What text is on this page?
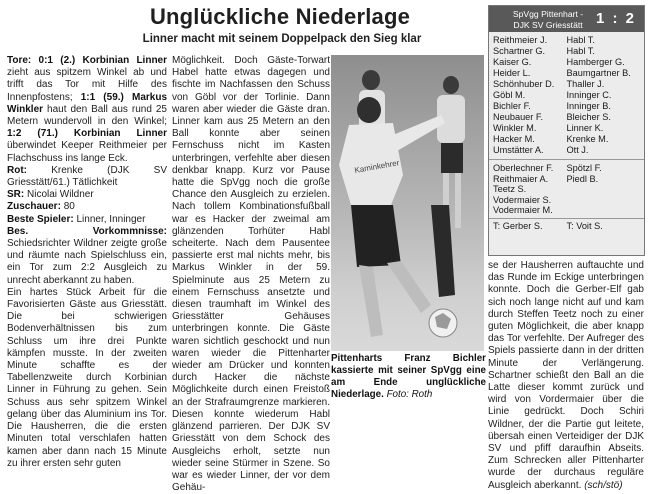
Unglückliche Niederlage
Linner macht mit seinem Doppelpack den Sieg klar

Tore: 0:1 (2.) Korbinian Linner zieht aus spitzem Winkel ab und trifft das Tor mit Hilfe des Innenpfostens; 1:1 (59.) Markus Winkler haut den Ball aus rund 25 Metern wundervoll in den Winkel; 1:2 (71.) Korbinian Linner überwindet Keeper Reithmeier per Flachschuss ins lange Eck.

Rot: Krenke (DJK SV Griesstätt/61.) Tätlichkeit

SR: Nicolai Wildner

Zuschauer: 80

Beste Spieler: Linner, Inninger

Bes. Vorkommnisse: Schiedsrichter Wildner zeigte große und räumte nach Spielschluss ein, ein Tor zum 2:2 Ausgleich zu unrecht aberkannt zu haben.

Ein hartes Stück Arbeit für die Favorisierten Gäste aus Griesstätt. Die bei schwierigen Bodenverhältnissen bis zum Schluss um ihre drei Punkte kämpfen musste. In der zweiten Minute schaffte es der Tabellenzweite durch Korbinian Linner in Führung zu gehen. Sein Schuss aus sehr spitzem Winkel gelang über das Aluminium ins Tor. Die Hausherren, die die ersten Minuten total verschlafen hatten kamen aber dann nach 15 Minute zu ihrer ersten sehr guten

Möglichkeit. Doch Gäste-Torwart Habel hatte etwas dagegen und fischte im Nachfassen den Schuss von Göbl vor der Torlinie. Dann waren aber wieder die Gäste dran. Linner kam aus 25 Metern an den Ball konnte aber seinen Fernschuss nicht im Kasten unterbringen, verfehlte aber diesen denkbar knapp. Kurz vor Pause hatte die SpVgg noch die große Chance den Ausgleich zu erzielen. Nach tollem Kombinationsfußball war es Hacker der zweimal am glänzenden Torhüter Habl scheiterte. Nach dem Pausentee passierte erst mal nichts mehr, bis Markus Winkler in der 59. Spielminute aus 25 Metern zu einem Fernschuss ansetzte und diesen traumhaft im Winkel des Griesstätter Gehäuses unterbringen konnte. Die Gäste waren sichtlich geschockt und nun waren wieder die Pittenharter wieder am Drücker und konnten durch Hacker die nächste Möglichkeite durch einen Freistoß an der Strafraumgrenze markieren. Diesen konnte wiederum Habl glänzend parrieren. Der DJK SV Griesstätt von dem Schock des Ausgleichs erholt, setzte nun wieder seine Stürmer in Szene. So war es wieder Linner, der vor dem Gehäu-

Kaminkehrer
Pittenharts Franz Bichler kassierte mit seiner SpVgg eine am Ende unglückliche Niederlage. Foto: Roth
SpVgg Pittenhart -
DJK SV Griesstätt 1 : 2
Reithmeier J.
Schartner G.
Kaiser G.
Heider L.
Schönhuber D.
Göbl M.
Bichler F.
Neubauer F.
Winkler M.
Hacker M.
Umstätter A.
Habl T.
Habl T.
Hamberger G.
Baumgartner B.
Thaller J.
Inninger C.
Inninger B.
Bleicher S.
Linner K.
Krenke M.
Ott J.
Oberlechner F.
Reithmaier A.
Teetz S.
Vodermaier S.
Vodermaier M.
Spötzl F.
Piedl B.
T: Gerber S.	T: Voit S.

se der Hausherren auftauchte und das Runde im Eckige unterbringen konnte. Doch die Gerber-Elf gab sich noch lange nicht auf und kam durch Steffen Teetz noch zu einer guten Möglichkeit, die aber knapp das Tor verfehlte. Der Aufreger des Spiels passierte dann in der dritten Minute der Verlängerung. Schartner schießt den Ball an die Latte dieser kommt zurück und wird von Vordermaier über die Linie gedrückt. Doch Schiri Wildner, der die Partie gut leitete, übersah einen Verteidiger der DJK SV und pfiff daraufhin Abseits. Zum Schrecken aller Pittenharter wurde der durchaus reguläre Ausgleich aberkannt. (sch/stö)
